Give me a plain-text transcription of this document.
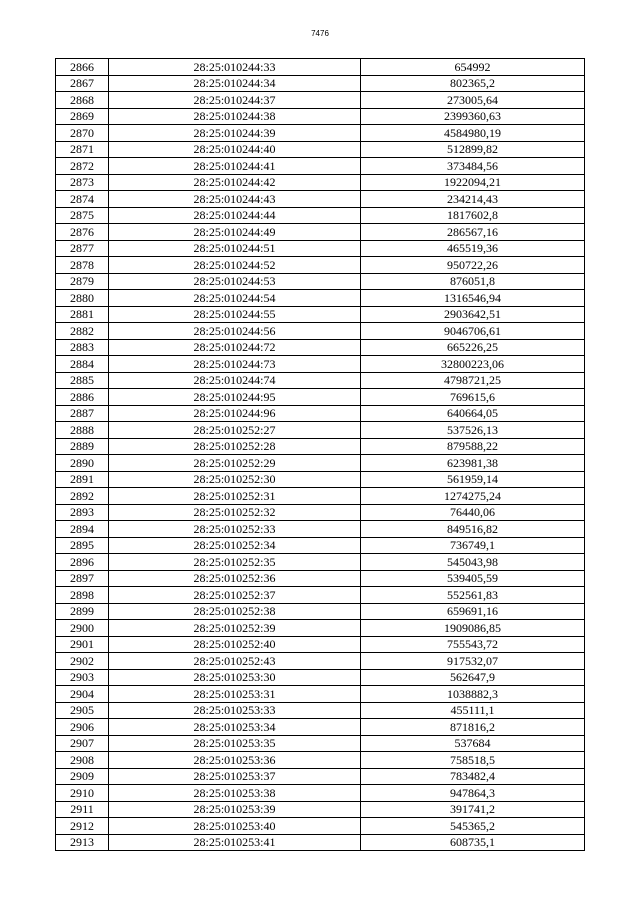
7476
2866	28:25:010244:33	654992
2867	28:25:010244:34	802365,2
2868	28:25:010244:37	273005,64
2869	28:25:010244:38	2399360,63
2870	28:25:010244:39	4584980,19
2871	28:25:010244:40	512899,82
2872	28:25:010244:41	373484,56
2873	28:25:010244:42	1922094,21
2874	28:25:010244:43	234214,43
2875	28:25:010244:44	1817602,8
2876	28:25:010244:49	286567,16
2877	28:25:010244:51	465519,36
2878	28:25:010244:52	950722,26
2879	28:25:010244:53	876051,8
2880	28:25:010244:54	1316546,94
2881	28:25:010244:55	2903642,51
2882	28:25:010244:56	9046706,61
2883	28:25:010244:72	665226,25
2884	28:25:010244:73	32800223,06
2885	28:25:010244:74	4798721,25
2886	28:25:010244:95	769615,6
2887	28:25:010244:96	640664,05
2888	28:25:010252:27	537526,13
2889	28:25:010252:28	879588,22
2890	28:25:010252:29	623981,38
2891	28:25:010252:30	561959,14
2892	28:25:010252:31	1274275,24
2893	28:25:010252:32	76440,06
2894	28:25:010252:33	849516,82
2895	28:25:010252:34	736749,1
2896	28:25:010252:35	545043,98
2897	28:25:010252:36	539405,59
2898	28:25:010252:37	552561,83
2899	28:25:010252:38	659691,16
2900	28:25:010252:39	1909086,85
2901	28:25:010252:40	755543,72
2902	28:25:010252:43	917532,07
2903	28:25:010253:30	562647,9
2904	28:25:010253:31	1038882,3
2905	28:25:010253:33	455111,1
2906	28:25:010253:34	871816,2
2907	28:25:010253:35	537684
2908	28:25:010253:36	758518,5
2909	28:25:010253:37	783482,4
2910	28:25:010253:38	947864,3
2911	28:25:010253:39	391741,2
2912	28:25:010253:40	545365,2
2913	28:25:010253:41	608735,1
